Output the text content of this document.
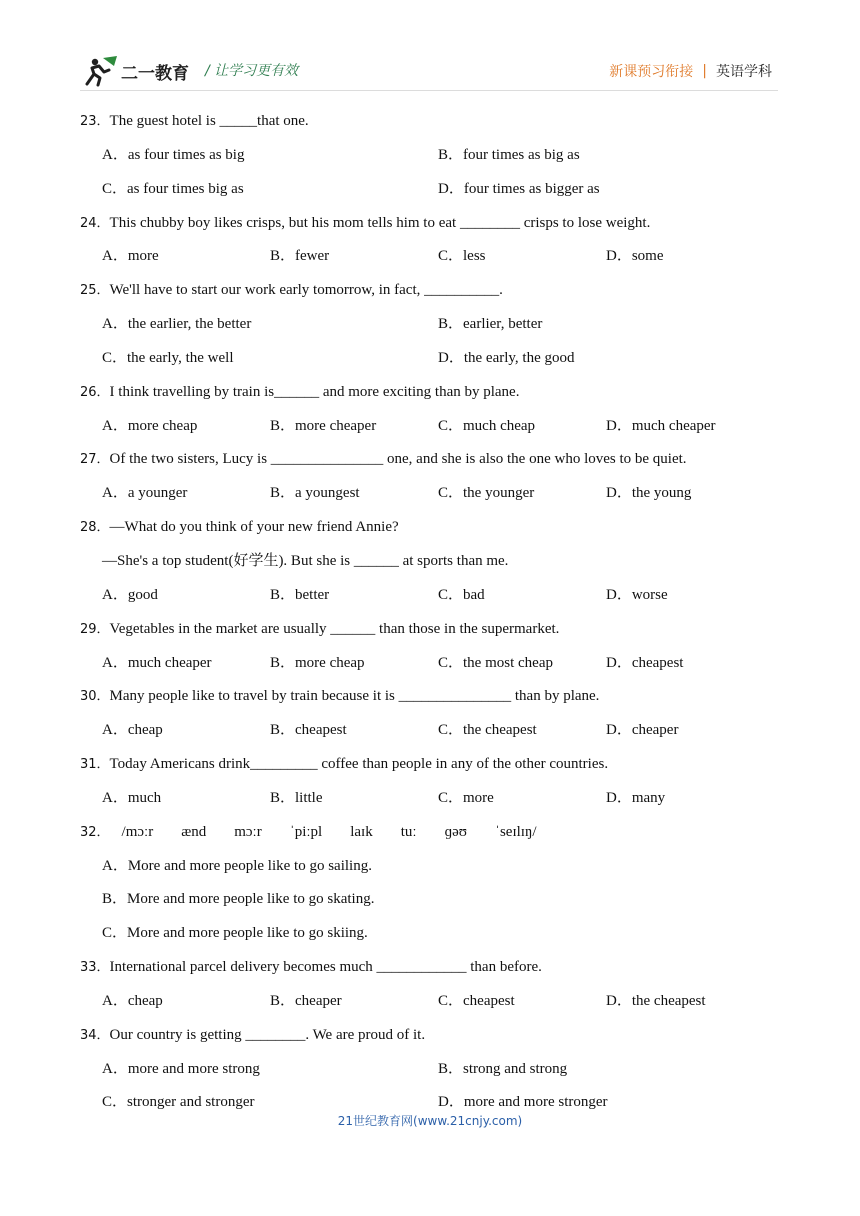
二一教育 / 让学习更有效	新课预习衔接 | 英语学科
23．The guest hotel is _____that one.
A．as four times as big	B．four times as big as
C．as four times big as	D．four times as bigger as
24．This chubby boy likes crisps, but his mom tells him to eat ________ crisps to lose weight.
A．more	B．fewer	C．less	D．some
25．We'll have to start our work early tomorrow, in fact, __________.
A．the earlier, the better	B．earlier, better
C．the early, the well	D．the early, the good
26．I think travelling by train is______ and more exciting than by plane.
A．more cheap	B．more cheaper	C．much cheap	D．much cheaper
27．Of the two sisters, Lucy is _______________ one, and she is also the one who loves to be quiet.
A．a younger	B．a youngest	C．the younger	D．the young
28．—What do you think of your new friend Annie?
—She's a top student(好学生). But she is ______ at sports than me.
A．good	B．better	C．bad	D．worse
29．Vegetables in the market are usually ______ than those in the supermarket.
A．much cheaper	B．more cheap	C．the most cheap	D．cheapest
30．Many people like to travel by train because it is _______________ than by plane.
A．cheap	B．cheapest	C．the cheapest	D．cheaper
31．Today Americans drink_________ coffee than people in any of the other countries.
A．much	B．little	C．more	D．many
32． /mɔːr ænd mɔːr ˈpiːpl laɪk tuː ɡəʊ ˈseɪlɪŋ/
A．More and more people like to go sailing.
B．More and more people like to go skating.
C．More and more people like to go skiing.
33．International parcel delivery becomes much ____________ than before.
A．cheap	B．cheaper	C．cheapest	D．the cheapest
34．Our country is getting ________. We are proud of it.
A．more and more strong	B．strong and strong
C．stronger and stronger	D．more and more stronger
21世纪教育网(www.21cnjy.com)
